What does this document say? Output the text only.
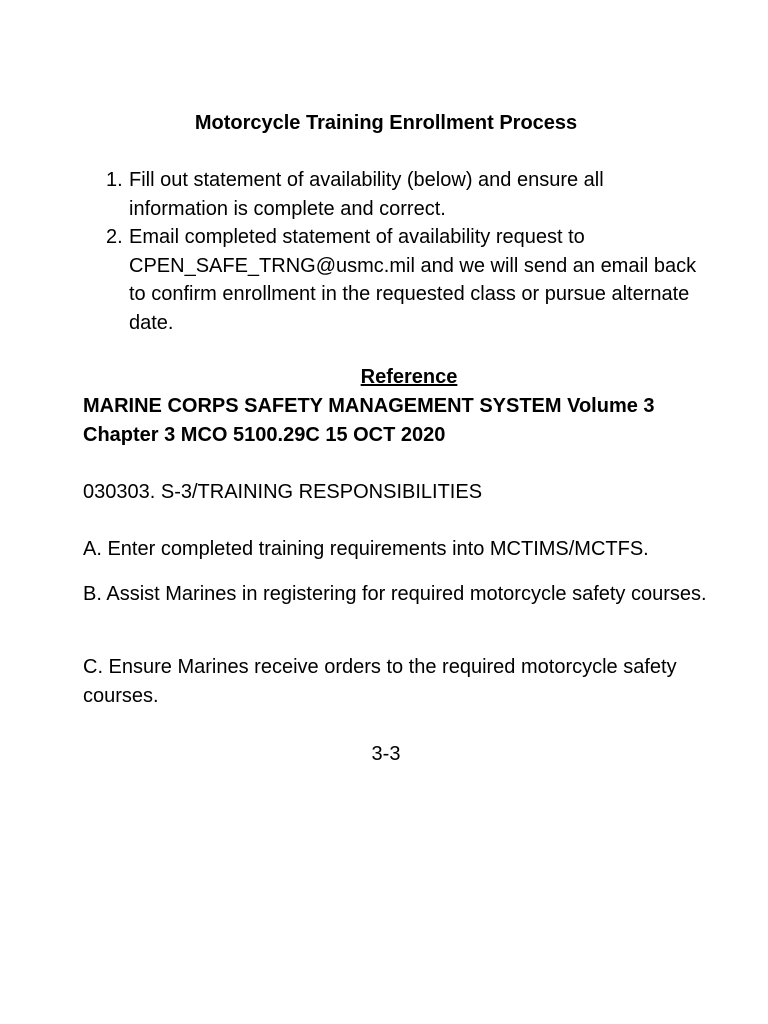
Motorcycle Training Enrollment Process
1. Fill out statement of availability (below) and ensure all information is complete and correct.
2. Email completed statement of availability request to CPEN_SAFE_TRNG@usmc.mil and we will send an email back to confirm enrollment in the requested class or pursue alternate date.
Reference
MARINE CORPS SAFETY MANAGEMENT SYSTEM Volume 3
Chapter 3 MCO 5100.29C 15 OCT 2020
030303. S-3/TRAINING RESPONSIBILITIES
A. Enter completed training requirements into MCTIMS/MCTFS.
B. Assist Marines in registering for required motorcycle safety courses.
C. Ensure Marines receive orders to the required motorcycle safety courses.
3-3
